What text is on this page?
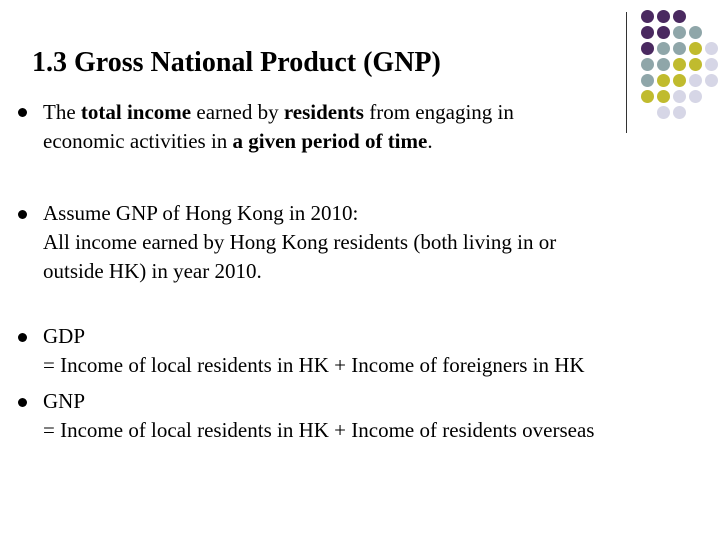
1.3 Gross National Product (GNP)
The total income earned by residents from engaging in
economic activities in a given period of time.
Assume GNP of Hong Kong in 2010:
All income earned by Hong Kong residents (both living in or
outside HK) in year 2010.
GDP
= Income of local residents in HK + Income of foreigners in HK
GNP
= Income of local residents in HK + Income of residents overseas
